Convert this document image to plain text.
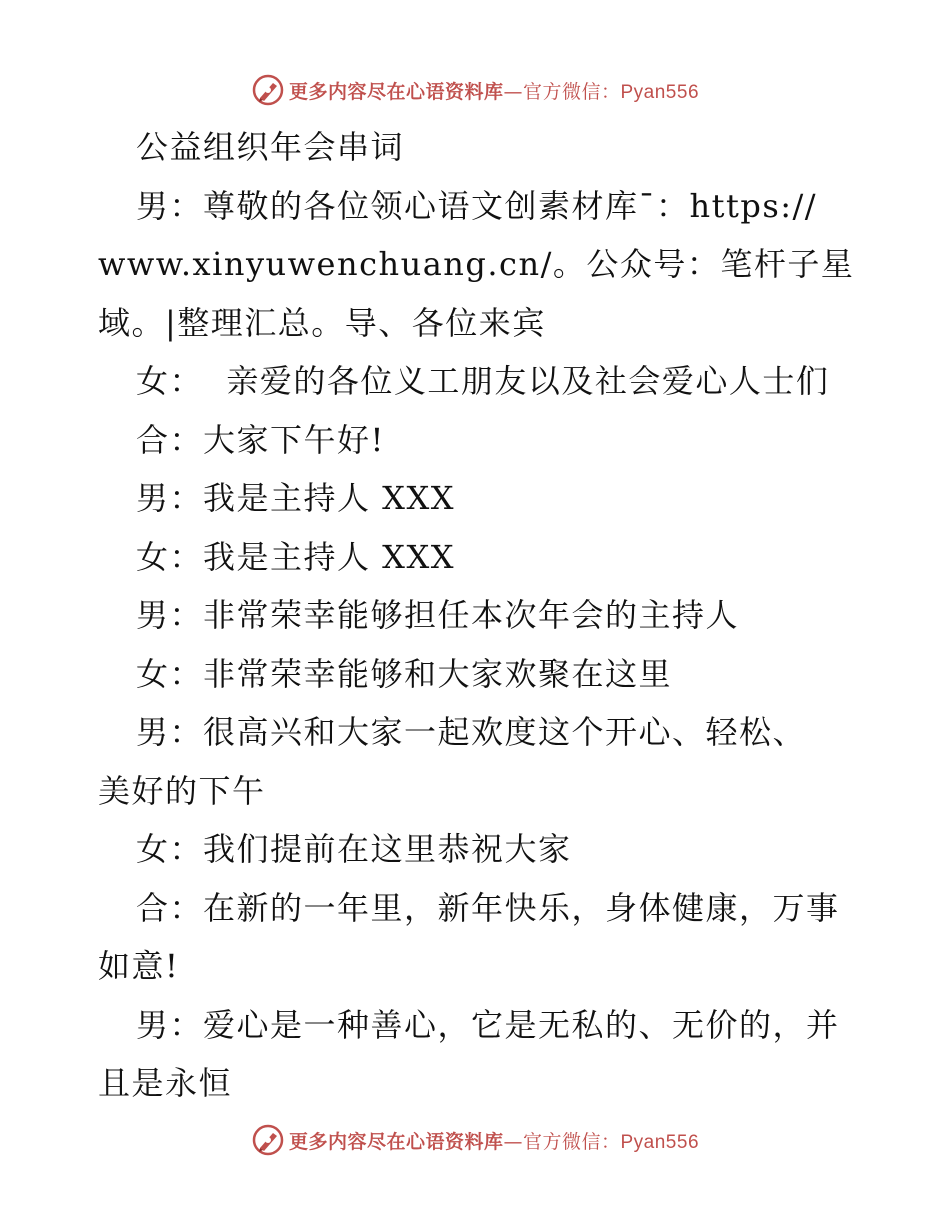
更多内容尽在心语资料库—官方微信：Pyan556
公益组织年会串词
男：尊敬的各位领心语文创素材库¯：https://
www.xinyuwenchuang.cn/。公众号：笔杆子星
域。|整理汇总。导、各位来宾
女：  亲爱的各位义工朋友以及社会爱心人士们
合：大家下午好!
男：我是主持人 XXX
女：我是主持人 XXX
男：非常荣幸能够担任本次年会的主持人
女：非常荣幸能够和大家欢聚在这里
男：很高兴和大家一起欢度这个开心、轻松、
美好的下午
女：我们提前在这里恭祝大家
合：在新的一年里，新年快乐，身体健康，万事
如意!
男：爱心是一种善心，它是无私的、无价的，并
且是永恒
更多内容尽在心语资料库—官方微信：Pyan556
